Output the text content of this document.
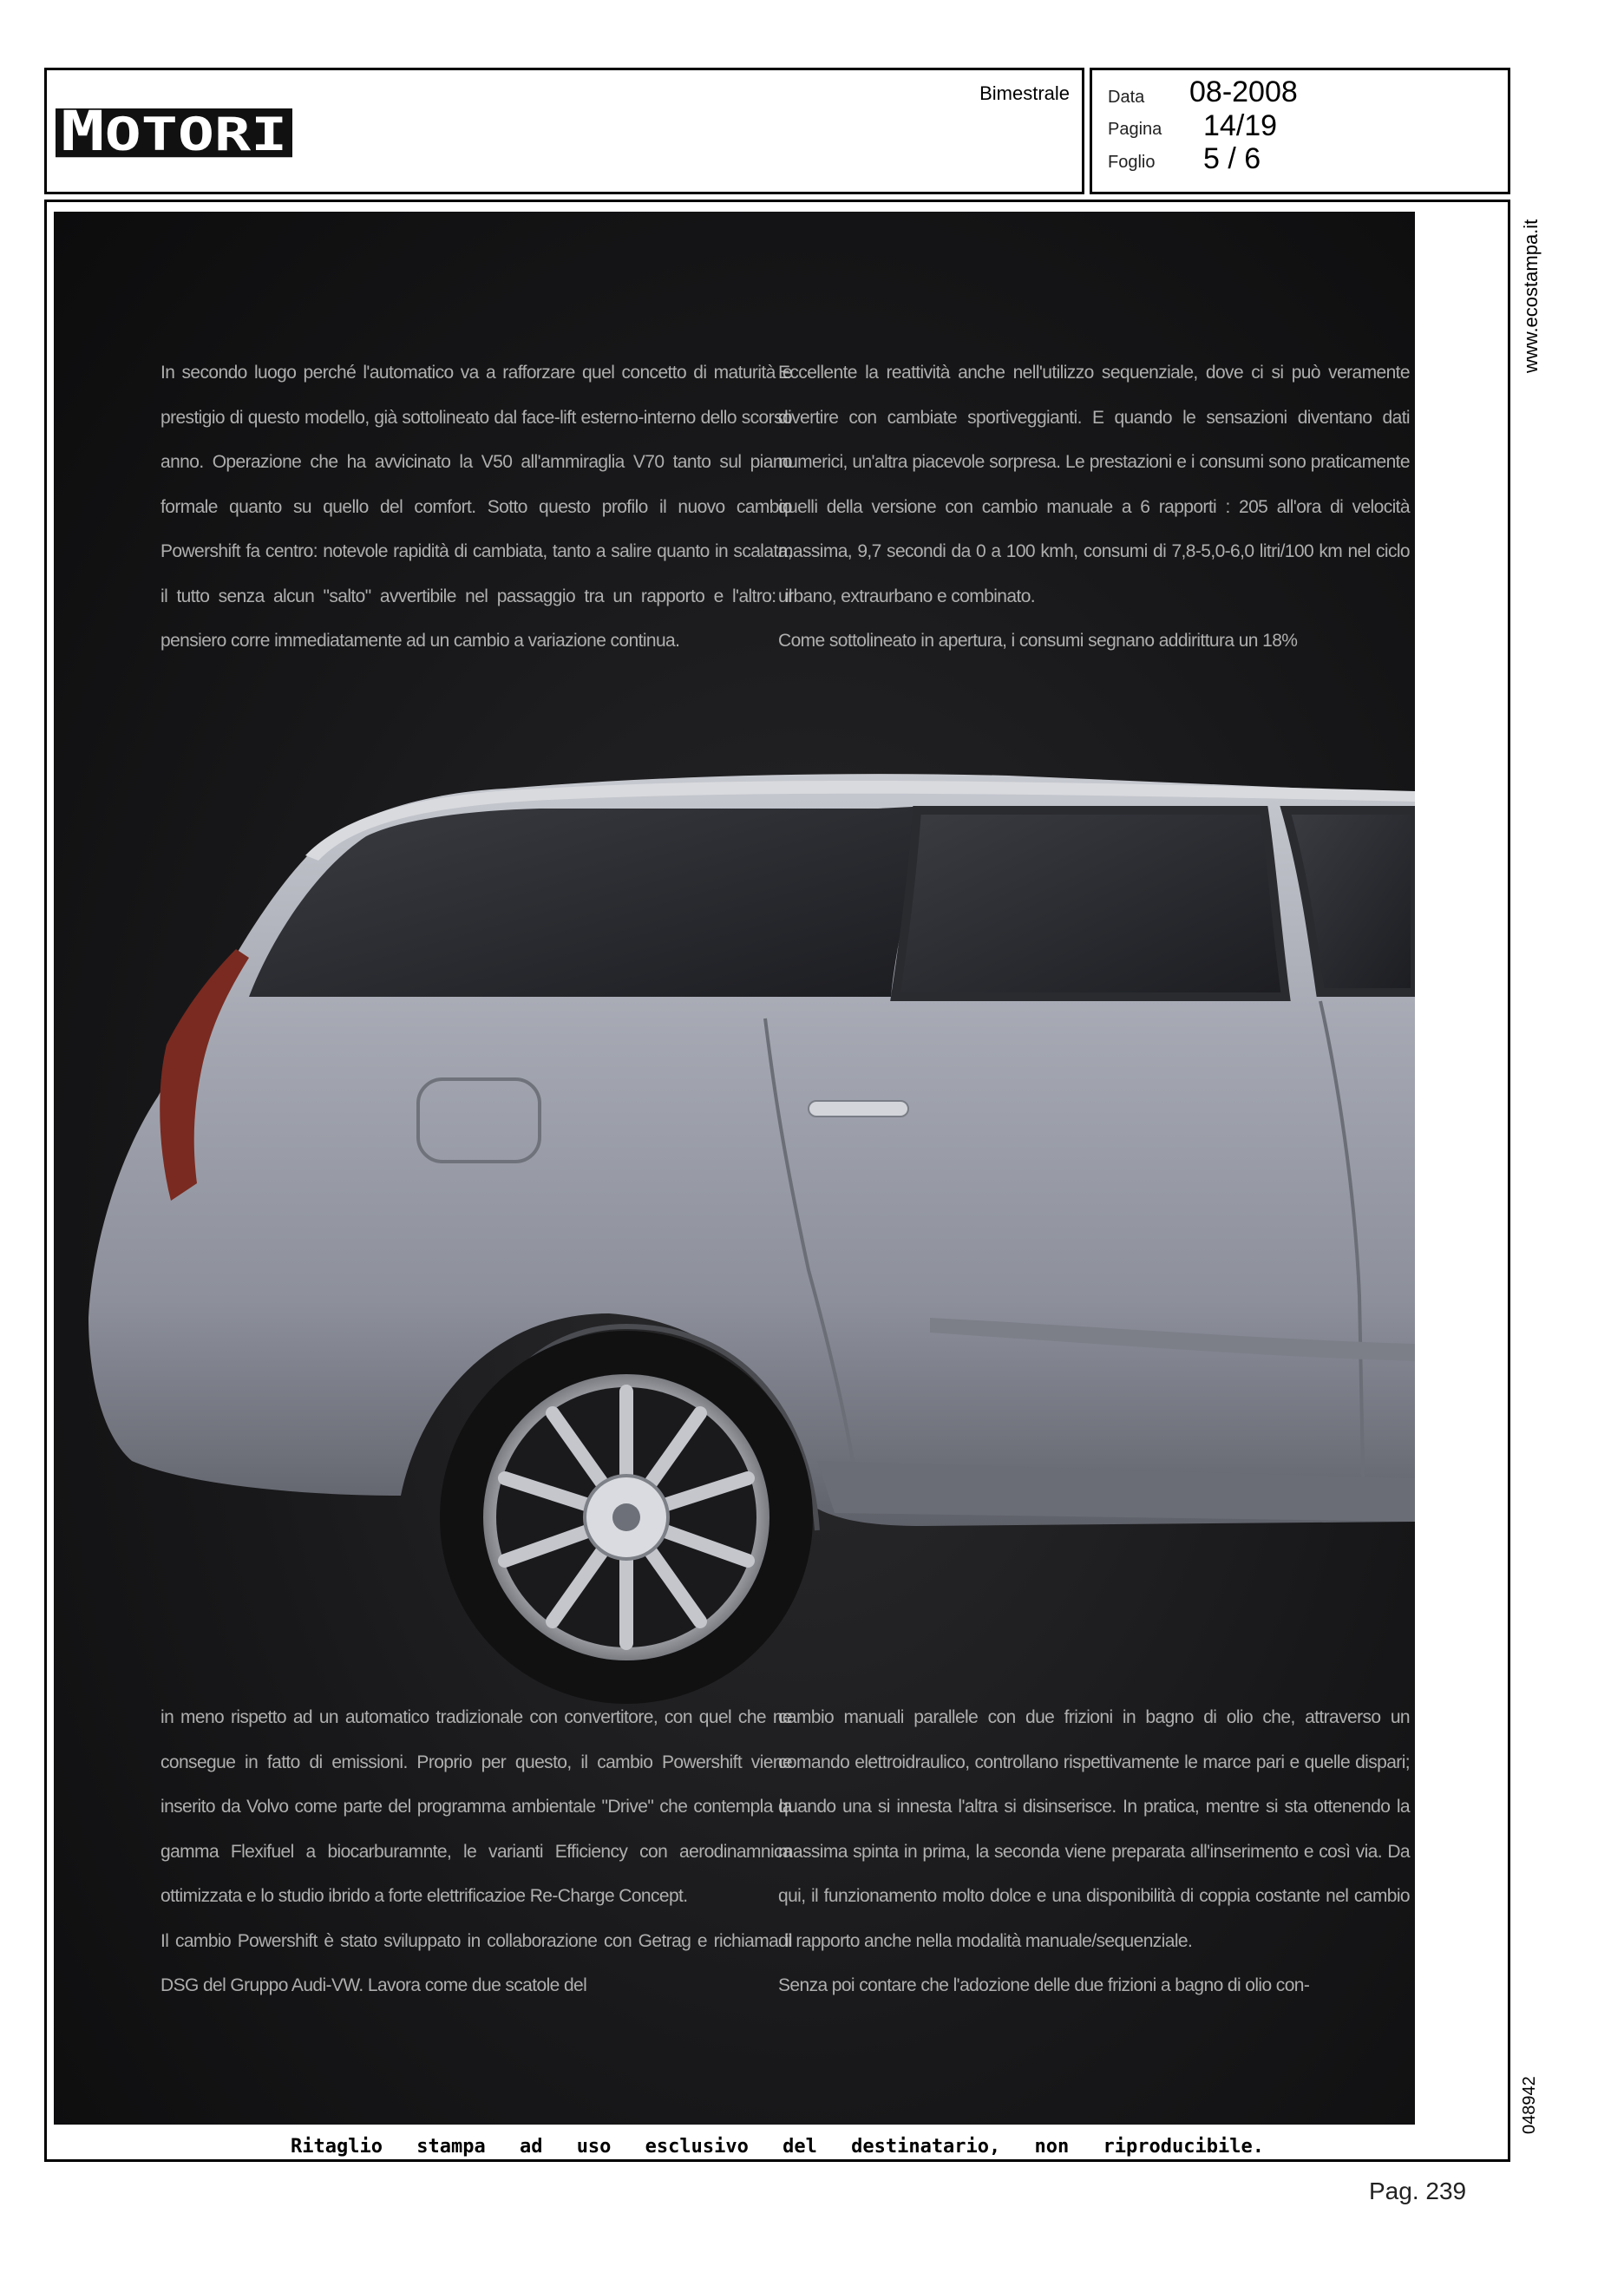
MOTORI
Bimestrale Data 08-2008
Pagina 14/19
Foglio 5 / 6
www.ecostampa.it
048942

In secondo luogo perché l'automatico va a rafforzare quel concetto di maturità e prestigio di questo modello, già sottolineato dal face-lift esterno-interno dello scorso anno. Operazione che ha avvicinato la V50 all'ammiraglia V70 tanto sul piano formale quanto su quello del comfort. Sotto questo profilo il nuovo cambio Powershift fa centro: notevole rapidità di cambiata, tanto a salire quanto in scalata; il tutto senza alcun "salto" avvertibile nel passaggio tra un rapporto e l'altro: il pensiero corre immediatamente ad un cambio a variazione continua.

Eccellente la reattività anche nell'utilizzo sequenziale, dove ci si può veramente divertire con cambiate sportiveggianti. E quando le sensazioni diventano dati numerici, un'altra piacevole sorpresa. Le prestazioni e i consumi sono praticamente quelli della versione con cambio manuale a 6 rapporti : 205 all'ora di velocità massima, 9,7 secondi da 0 a 100 kmh, consumi di 7,8-5,0-6,0 litri/100 km nel ciclo urbano, extraurbano e combinato.

Come sottolineato in apertura, i consumi segnano addirittura un 18%

in meno rispetto ad un automatico tradizionale con convertitore, con quel che ne consegue in fatto di emissioni. Proprio per questo, il cambio Powershift viene inserito da Volvo come parte del programma ambientale "Drive" che contempla la gamma Flexifuel a biocarburamnte, le varianti Efficiency con aerodinamnica ottimizzata e lo studio ibrido a forte elettrificazioe Re-Charge Concept.

Il cambio Powershift è stato sviluppato in collaborazione con Getrag e richiama il DSG del Gruppo Audi-VW. Lavora come due scatole del

cambio manuali parallele con due frizioni in bagno di olio che, attraverso un comando elettroidraulico, controllano rispettivamente le marce pari e quelle dispari; quando una si innesta l'altra si disinserisce. In pratica, mentre si sta ottenendo la massima spinta in prima, la seconda viene preparata all'inserimento e così via. Da qui, il funzionamento molto dolce e una disponibilità di coppia costante nel cambio di rapporto anche nella modalità manuale/sequenziale.

Senza poi contare che l'adozione delle due frizioni a bagno di olio con-

Ritaglio stampa ad uso esclusivo del destinatario, non riproducibile.
Pag. 239
